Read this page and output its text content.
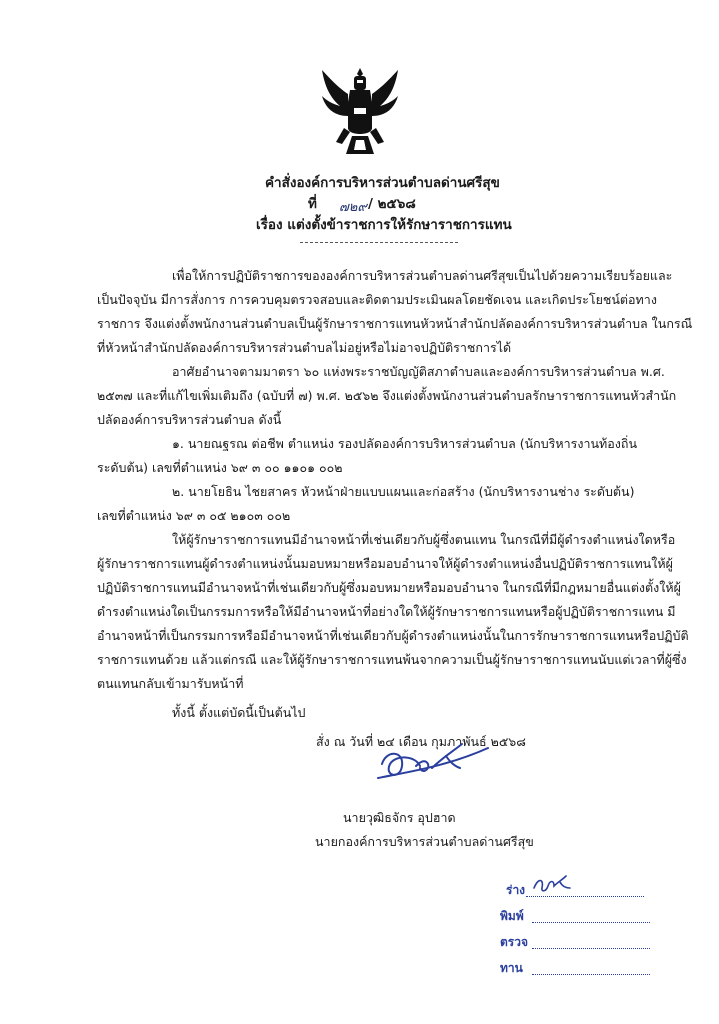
คำสั่งองค์การบริหารส่วนตำบลด่านศรีสุข
ที่ ๗๒๙ / ๒๕๖๘
เรื่อง แต่งตั้งข้าราชการให้รักษาราชการแทน
เพื่อให้การปฏิบัติราชการขององค์การบริหารส่วนตำบลด่านศรีสุขเป็นไปด้วยความเรียบร้อยและ
เป็นปัจจุบัน มีการสั่งการ การควบคุมตรวจสอบและติดตามประเมินผลโดยชัดเจน และเกิดประโยชน์ต่อทาง
ราชการ จึงแต่งตั้งพนักงานส่วนตำบลเป็นผู้รักษาราชการแทนหัวหน้าสำนักปลัดองค์การบริหารส่วนตำบล ในกรณี
ที่หัวหน้าสำนักปลัดองค์การบริหารส่วนตำบลไม่อยู่หรือไม่อาจปฏิบัติราชการได้
อาศัยอำนาจตามมาตรา ๖๐ แห่งพระราชบัญญัติสภาตำบลและองค์การบริหารส่วนตำบล พ.ศ.
๒๕๓๗ และที่แก้ไขเพิ่มเติมถึง (ฉบับที่ ๗) พ.ศ. ๒๕๖๒ จึงแต่งตั้งพนักงานส่วนตำบลรักษาราชการแทนหัวสำนัก
ปลัดองค์การบริหารส่วนตำบล ดังนี้
๑. นายณฐรณ ต่อชีพ ตำแหน่ง รองปลัดองค์การบริหารส่วนตำบล (นักบริหารงานท้องถิ่น
ระดับต้น) เลขที่ตำแหน่ง ๖๙ ๓ ๐๐ ๑๑๐๑ ๐๐๒
๒. นายโยธิน ไชยสาคร หัวหน้าฝ่ายแบบแผนและก่อสร้าง (นักบริหารงานช่าง ระดับต้น)
เลขที่ตำแหน่ง ๖๙ ๓ ๐๕ ๒๑๐๓ ๐๐๒
ให้ผู้รักษาราชการแทนมีอำนาจหน้าที่เช่นเดียวกับผู้ซึ่งตนแทน ในกรณีที่มีผู้ดำรงตำแหน่งใดหรือ
ผู้รักษาราชการแทนผู้ดำรงตำแหน่งนั้นมอบหมายหรือมอบอำนาจให้ผู้ดำรงตำแหน่งอื่นปฏิบัติราชการแทนให้ผู้
ปฏิบัติราชการแทนมีอำนาจหน้าที่เช่นเดียวกับผู้ซึ่งมอบหมายหรือมอบอำนาจ ในกรณีที่มีกฎหมายอื่นแต่งตั้งให้ผู้
ดำรงตำแหน่งใดเป็นกรรมการหรือให้มีอำนาจหน้าที่อย่างใดให้ผู้รักษาราชการแทนหรือผู้ปฏิบัติราชการแทน มี
อำนาจหน้าที่เป็นกรรมการหรือมีอำนาจหน้าที่เช่นเดียวกับผู้ดำรงตำแหน่งนั้นในการรักษาราชการแทนหรือปฏิบัติ
ราชการแทนด้วย แล้วแต่กรณี และให้ผู้รักษาราชการแทนพ้นจากความเป็นผู้รักษาราชการแทนนับแต่เวลาที่ผู้ซึ่ง
ตนแทนกลับเข้ามารับหน้าที่
ทั้งนี้ ตั้งแต่บัดนี้เป็นต้นไป
สั่ง ณ วันที่ ๒๔ เดือน กุมภาพันธ์ ๒๕๖๘
นายวุฒิธจักร อุปฮาด
นายกองค์การบริหารส่วนตำบลด่านศรีสุข
ร่าง
พิมพ์
ตรวจ
ทาน
